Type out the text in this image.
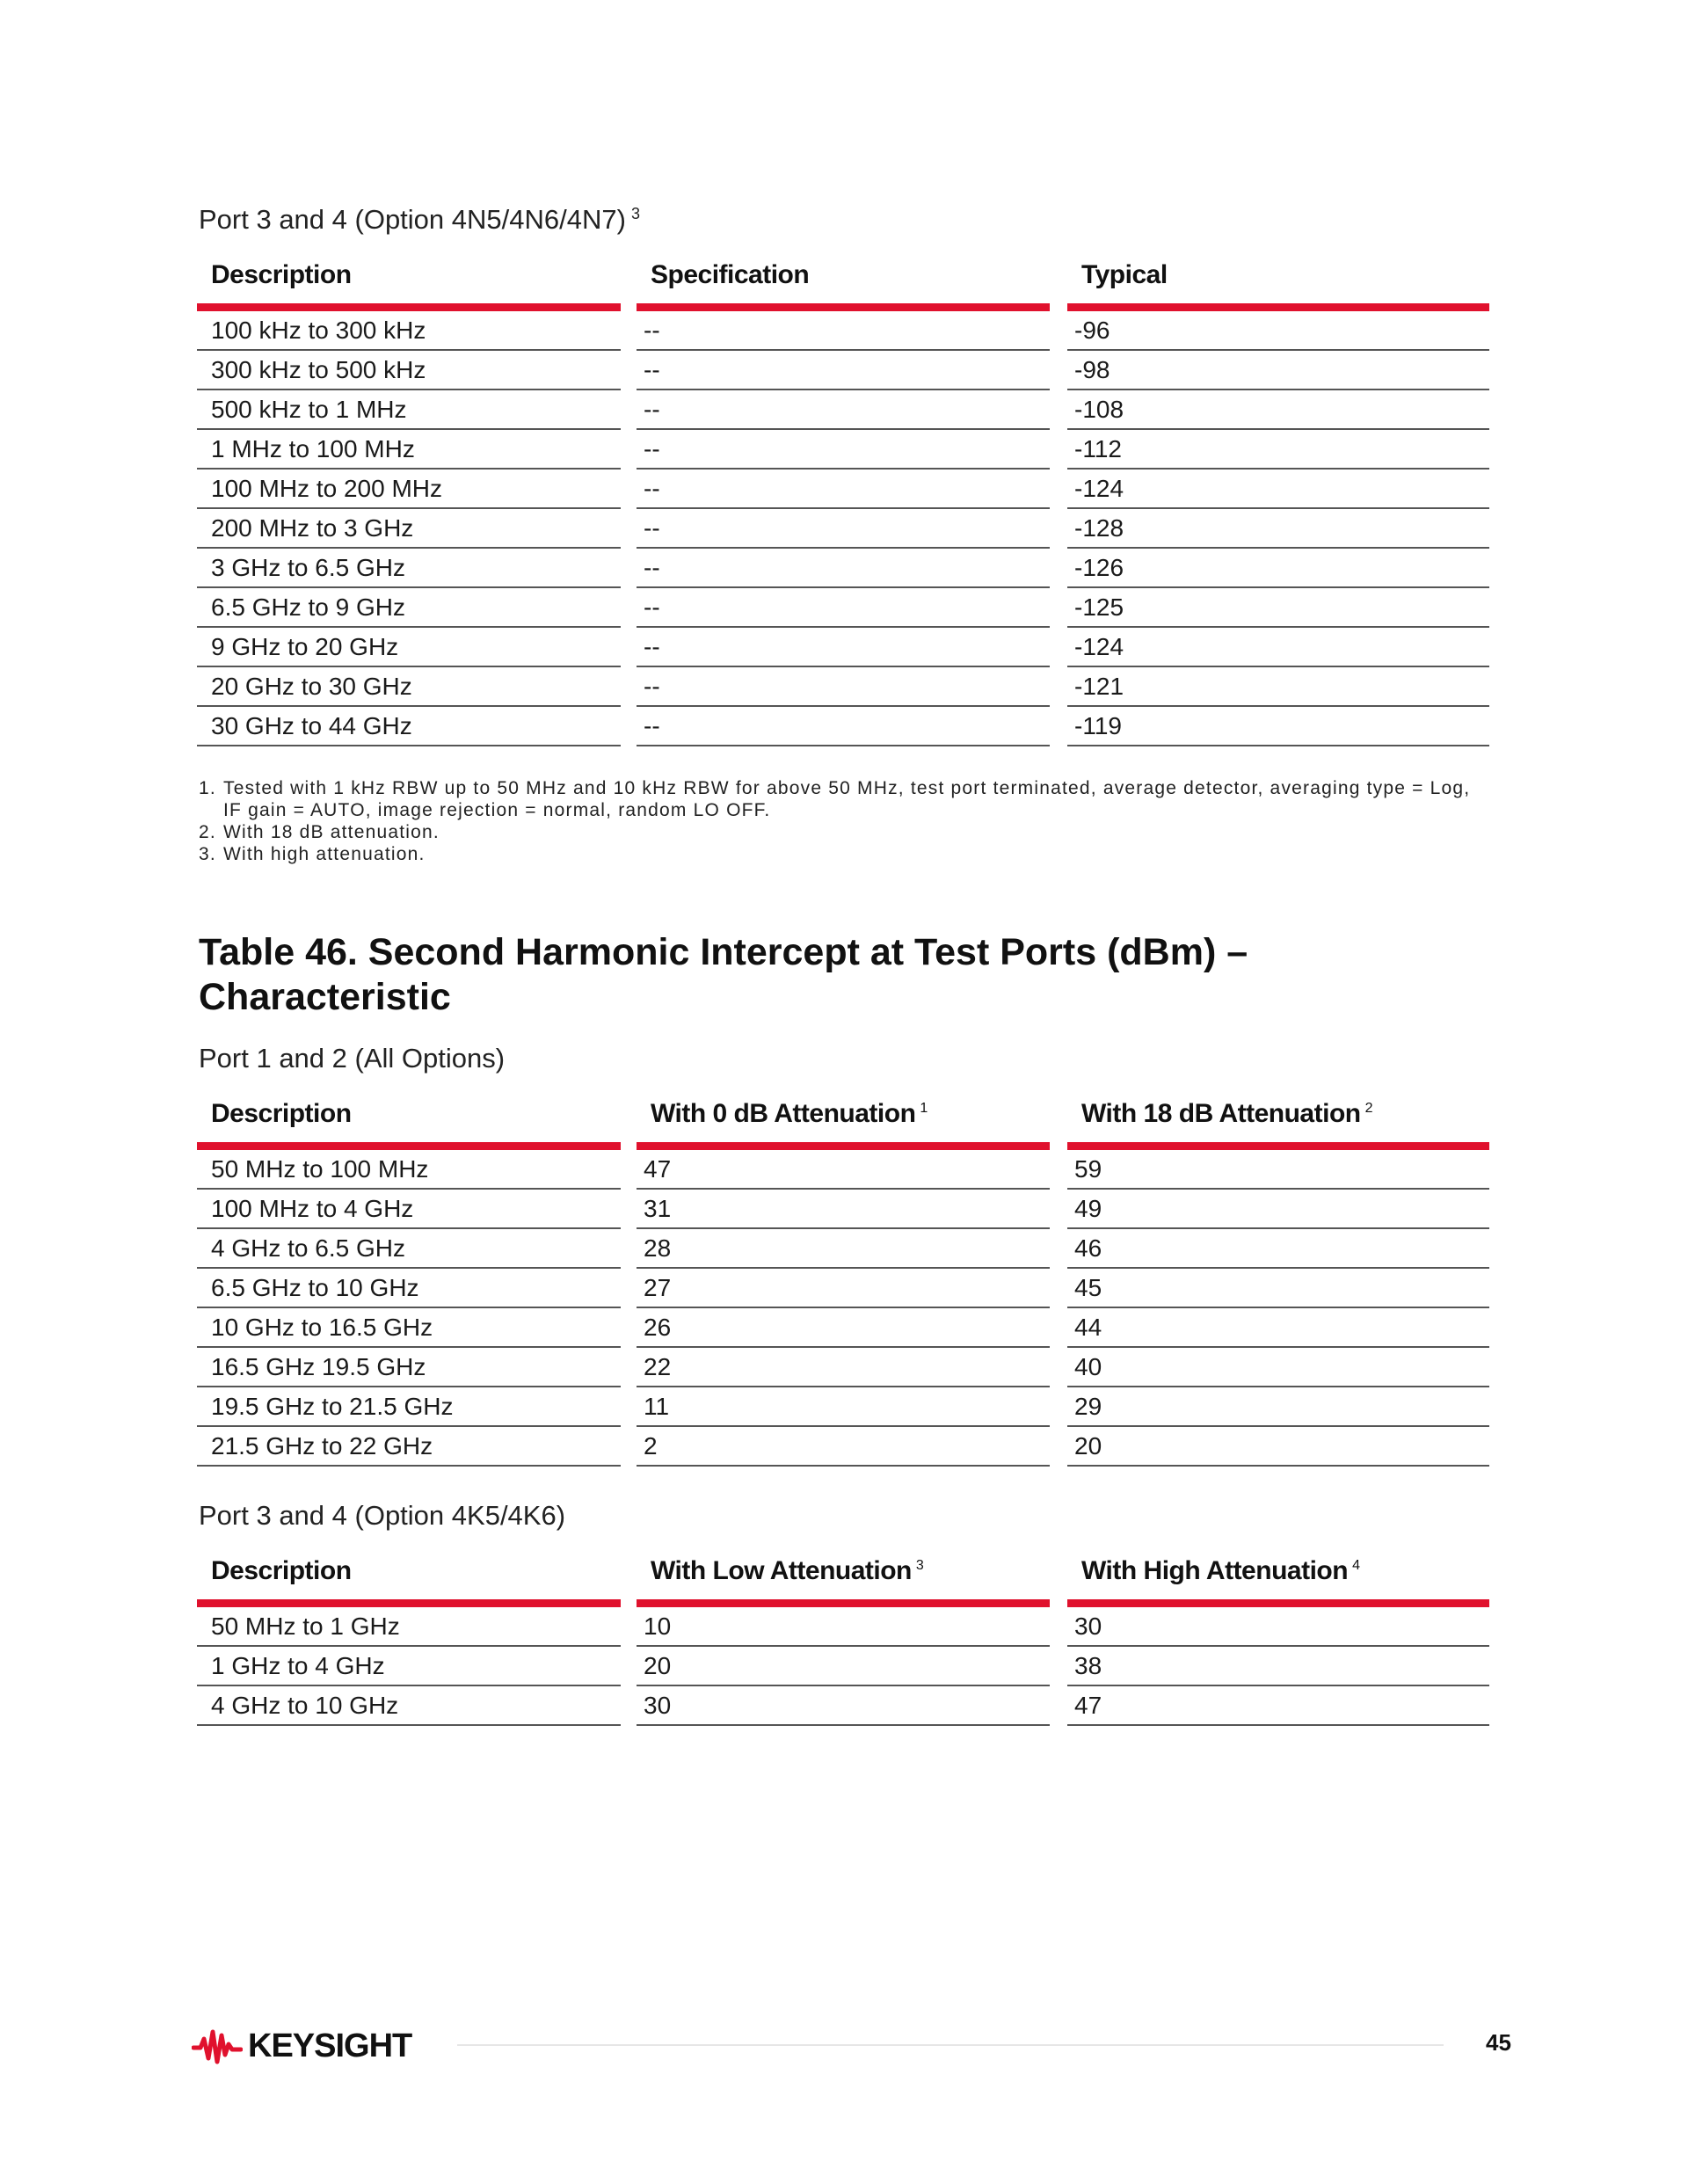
Port 3 and 4 (Option 4N5/4N6/4N7) $^3$
Description	Specification	Typical
100 kHz to 300 kHz	--	-96
300 kHz to 500 kHz	--	-98
500 kHz to 1 MHz	--	-108
1 MHz to 100 MHz	--	-112
100 MHz to 200 MHz	--	-124
200 MHz to 3 GHz	--	-128
3 GHz to 6.5 GHz	--	-126
6.5 GHz to 9 GHz	--	-125
9 GHz to 20 GHz	--	-124
20 GHz to 30 GHz	--	-121
30 GHz to 44 GHz	--	-119
1. Tested with 1 kHz RBW up to 50 MHz and 10 kHz RBW for above 50 MHz, test port terminated, average detector, averaging type = Log, IF gain = AUTO, image rejection = normal, random LO OFF.
2. With 18 dB attenuation.
3. With high attenuation.
Table 46. Second Harmonic Intercept at Test Ports (dBm) – Characteristic
Port 1 and 2 (All Options)
Description	With 0 dB Attenuation $^1$	With 18 dB Attenuation $^2$
50 MHz to 100 MHz	47	59
100 MHz to 4 GHz	31	49
4 GHz to 6.5 GHz	28	46
6.5 GHz to 10 GHz	27	45
10 GHz to 16.5 GHz	26	44
16.5 GHz 19.5 GHz	22	40
19.5 GHz to 21.5 GHz	11	29
21.5 GHz to 22 GHz	2	20
Port 3 and 4 (Option 4K5/4K6)
Description	With Low Attenuation $^3$	With High Attenuation $^4$
50 MHz to 1 GHz	10	30
1 GHz to 4 GHz	20	38
4 GHz to 10 GHz	30	47
KEYSIGHT	45
